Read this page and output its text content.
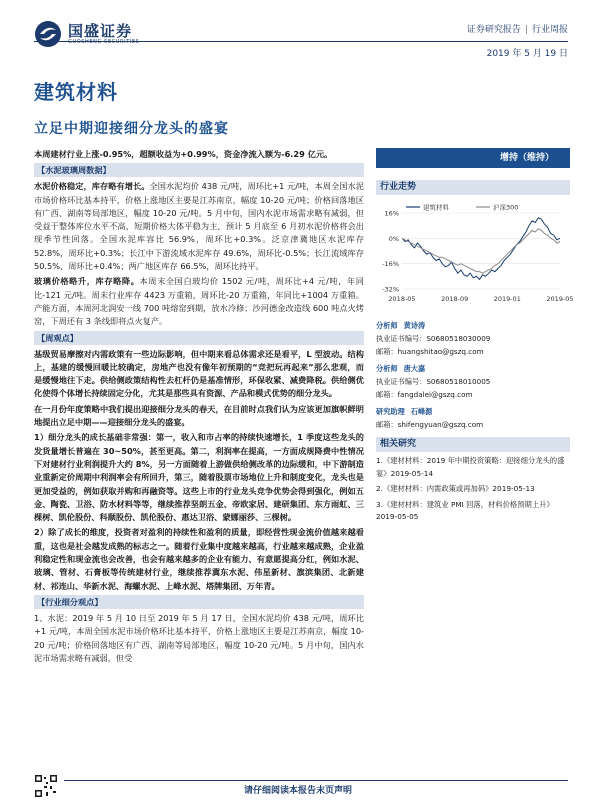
国盛证券	证券研究报告 | 行业周报
2019 年 5 月 19 日
建筑材料
立足中期迎接细分龙头的盛宴
本周建材行业上涨-0.95%，超额收益为+0.99%，资金净流入额为-6.29 亿元。
【水泥玻璃周数据】
水泥价格稳定，库存略有增长。全国水泥均价 438 元/吨，周环比+1 元/吨，本周全国水泥市场价格环比基本持平，价格上涨地区主要是江苏南京，幅度 10-20 元/吨；价格回落地区有广西、湖南等局部地区，幅度 10-20 元/吨。5 月中旬，国内水泥市场需求略有减弱，但受益于整体库位水平不高，短期价格大体平稳为主，预计 5 月底至 6 月初水泥价格将会出现季节性回落。全国水泥库容比 56.9%，周环比+0.3%。泛京津冀地区水泥库存 52.8%，周环比+0.3%；长江中下游流域水泥库存 49.6%，周环比-0.5%；长江流域库存 50.5%，周环比+0.4%；两广地区库存 66.5%，周环比持平。
玻璃价格略升，库存略降。本周末全国白玻均价 1502 元/吨，周环比+4 元/吨，年同比-121 元/吨。周末行业库存 4423 万重箱，周环比-20 万重箱，年同比+1004 万重箱。产能方面，本周河北润安一线 700 吨熔窑到期，放水冷修；沙河德金改造线 600 吨点火烤窑，下周还有 3 条线即将点火复产。
【周观点】
基级贸易摩擦对内需政策有一些边际影响，但中期来看总体需求还是看平，L 型波动。结构上，基建的缓慢回暖比较确定，房地产也没有像年初预期的“竞把玩再起来”那么悲观，而是缓慢地往下走。供给侧政策结构性去杠杆仍是基准情形，环保收紧、减费降税。供给侧优化使得个体增长持续固定分化，尤其是那些具有资源、产品和模式优势的细分龙头。
在一月份年度策略中我们提出迎接细分龙头的春天，在目前时点我们认为应该更加旗帜鲜明地提出立足中期——迎接细分龙头的盛宴。
1）细分龙头的成长基础非常强：第一，收入和市占率的持续快速增长，1 季度这些龙头的发货量增长普遍在 30~50%，甚至更高。第二，利润率在提高，一方面成规降费中性情况下对建材行业利润提升大约 8%，另一方面随着上游做供给侧改革的边际缓和，中下游制造业重新定价周期中利润率会有所回升，第三，随着股票市场地位上升和制度变化，龙头也是更加受益的，例如获取并购和再融资等。这些上市的行业龙头竞争优势会得到强化，例如五金、陶瓷、卫浴、防水材料等等，继续推荐坚朗五金、帝欧家居、建研集团、东方雨虹、三棵树、凯伦股份、科顺股份、凯伦股份、惠达卫浴、蒙娜丽莎、三棵树。
2）除了成长的维度，投资者对盈利的持续性和盈利的质量，即经营性现金流价值越来越看重，这也是社会越发成熟的标志之一。随着行业集中度越来越高，行业越来越成熟，企业盈利稳定性和现金流也会改善，也会有越来越多的企业有能力、有意愿提高分红，例如水泥、玻璃、管材、石膏板等传统建材行业，继续推荐冀东水泥、伟星新材、旗滨集团、北新建材、祁连山、华新水泥、海螺水泥、上峰水泥、塔牌集团、万年青。
【行业细分观点】
1、水泥：2019 年 5 月 10 日至 2019 年 5 月 17 日，全国水泥均价 438 元/吨，周环比+1 元/吨，本周全国水泥市场价格环比基本持平，价格上涨地区主要是江苏南京，幅度 10-20 元/吨；价格回落地区有广西、湖南等局部地区，幅度 10-20 元/吨。5 月中旬，国内水泥市场需求略有减弱，但受
增持（维持）
行业走势
16%
0%
-16%
-32%
2018-05	2018-09	2019-01	2019-05
建筑材料	沪深300
分析师 黄诗涛
执业证书编号：S0680518030009
邮箱：huangshitao@gszq.com
分析师 唐大嘉
执业证书编号：S0680518010005
邮箱：fangdalei@gszq.com
研究助理 石峰源
邮箱：shifengyuan@gszq.com
相关研究
1.《建材材料：2019 年中期投资策略：迎接细分龙头的盛宴》2019-05-14
2.《建材材料：内需政策或再加码》2019-05-13
3.《建材材料：建筑业 PMI 回落，材料价格预期上升》2019-05-05
请仔细阅读本报告末页声明
